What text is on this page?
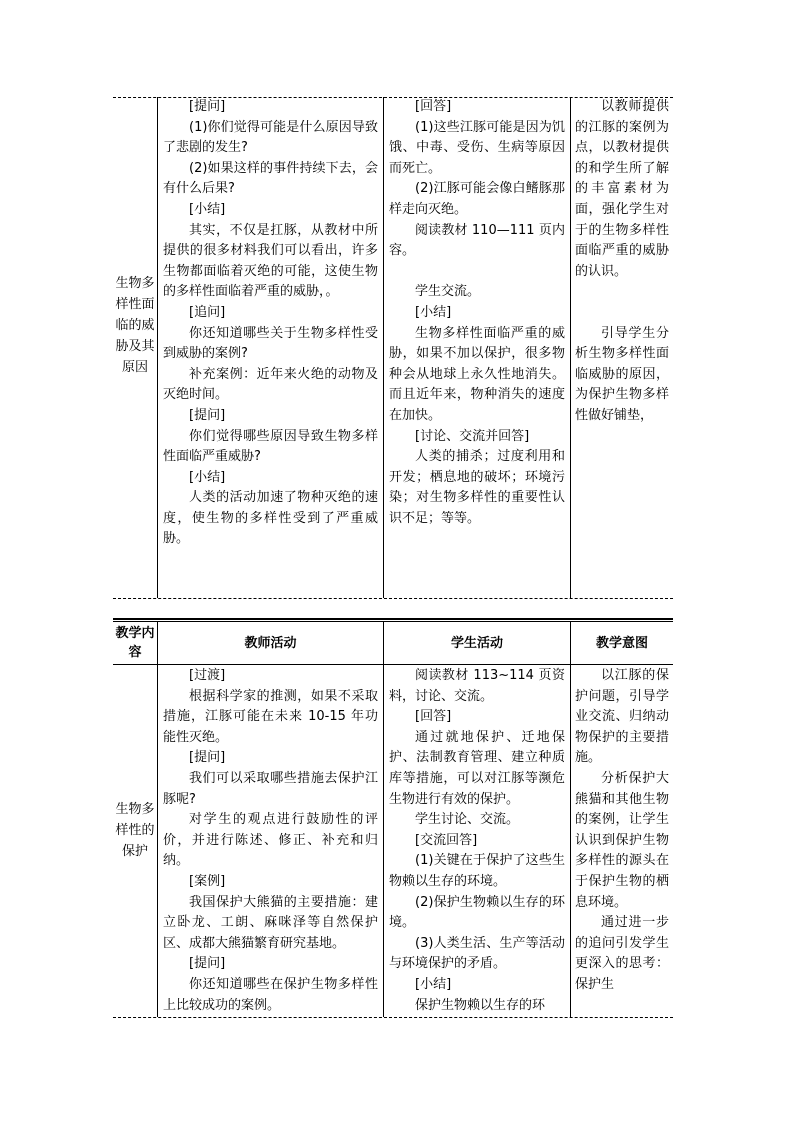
生物多样性面临的威胁及其原因

[提问]

(1)你们觉得可能是什么原因导致了悲剧的发生?

(2)如果这样的事件持续下去，会有什么后果?

[小结]

其实，不仅是扛豚，从教材中所提供的很多材料我们可以看出，许多生物都面临着灭绝的可能，这使生物的多样性面临着严重的威胁，。

[追问]

你还知道哪些关于生物多样性受到威胁的案例?

补充案例：近年来火绝的动物及灭绝时间。

[提问]

你们觉得哪些原因导致生物多样性面临严重威胁?

[小结]

人类的活动加速了物种灭绝的速度，使生物的多样性受到了严重威胁。

[回答]

(1)这些江豚可能是因为饥饿、中毒、受伤、生病等原因而死亡。

(2)江豚可能会像白鳍豚那样走向灭绝。

阅读教材 110—111 页内容。

学生交流。

[小结]

生物多样性面临严重的威胁，如果不加以保护，很多物种会从地球上永久性地消失。而且近年来，物种消失的速度在加快。

[讨论、交流并回答]

人类的捕杀；过度利用和开发；栖息地的破坏；环境污染；对生物多样性的重要性认识不足；等等。

以教师提供的江豚的案例为点，以教材提供的和学生所了解的丰富素材为面，强化学生对于的生物多样性面临严重的威胁的认识。

引导学生分析生物多样性面临威胁的原因，为保护生物多样性做好铺垫，

教学内容
教师活动	学生活动	教学意图
生物多样性的保护

[过渡]

根据科学家的推测，如果不采取措施，江豚可能在未来 10-15 年功能性灭绝。

[提问]

我们可以采取哪些措施去保护江豚呢?

对学生的观点进行鼓励性的评价，并进行陈述、修正、补充和归纳。

[案例]

我国保护大熊猫的主要措施：建立卧龙、工朗、麻咪泽等自然保护区、成都大熊猫繁育研究基地。

[提问]

你还知道哪些在保护生物多样性上比较成功的案例。

阅读教材 113~114 页资料，讨论、交流。

[回答]

通过就地保护、迁地保护、法制教育管理、建立种质库等措施，可以对江豚等濒危生物进行有效的保护。

学生讨论、交流。

[交流回答]

(1)关键在于保护了这些生物赖以生存的环境。

(2)保护生物赖以生存的环境。

(3)人类生活、生产等活动与环境保护的矛盾。

[小结]

保护生物赖以生存的环

以江豚的保护问题，引导学业交流、归纳动物保护的主要措施。

分析保护大熊猫和其他生物的案例，让学生认识到保护生物多样性的源头在于保护生物的栖息环境。

通过进一步的追问引发学生更深入的思考：保护生
